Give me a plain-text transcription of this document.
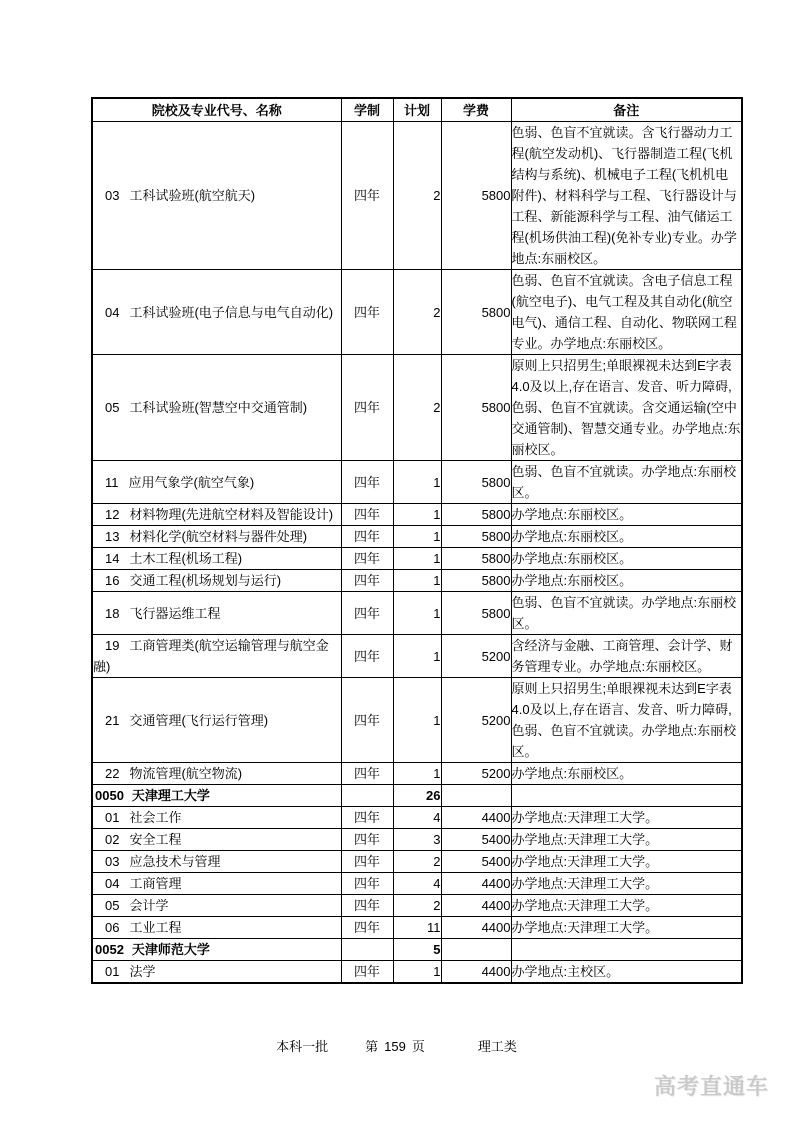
院校及专业代号、名称	学制	计划	学费	备注
03 工科试验班(航空航天)	四年	2	5800	色弱、色盲不宜就读。含飞行器动力工程(航空发动机)、飞行器制造工程(飞机结构与系统)、机械电子工程(飞机机电附件)、材料科学与工程、飞行器设计与工程、新能源科学与工程、油气储运工程(机场供油工程)(免补专业)专业。办学地点:东丽校区。
04 工科试验班(电子信息与电气自动化)	四年	2	5800	色弱、色盲不宜就读。含电子信息工程(航空电子)、电气工程及其自动化(航空电气)、通信工程、自动化、物联网工程专业。办学地点:东丽校区。
05 工科试验班(智慧空中交通管制)	四年	2	5800	原则上只招男生;单眼裸视未达到E字表4.0及以上,存在语言、发音、听力障碍,色弱、色盲不宜就读。含交通运输(空中交通管制)、智慧交通专业。办学地点:东丽校区。
11 应用气象学(航空气象)	四年	1	5800	色弱、色盲不宜就读。办学地点:东丽校区。
12 材料物理(先进航空材料及智能设计)	四年	1	5800	办学地点:东丽校区。
13 材料化学(航空材料与器件处理)	四年	1	5800	办学地点:东丽校区。
14 土木工程(机场工程)	四年	1	5800	办学地点:东丽校区。
16 交通工程(机场规划与运行)	四年	1	5800	办学地点:东丽校区。
18 飞行器运维工程	四年	1	5800	色弱、色盲不宜就读。办学地点:东丽校区。
19 工商管理类(航空运输管理与航空金融)	四年	1	5200	含经济与金融、工商管理、会计学、财务管理专业。办学地点:东丽校区。
21 交通管理(飞行运行管理)	四年	1	5200	原则上只招男生;单眼裸视未达到E字表4.0及以上,存在语言、发音、听力障碍,色弱、色盲不宜就读。办学地点:东丽校区。
22 物流管理(航空物流)	四年	1	5200	办学地点:东丽校区。
0050 天津理工大学		26		
01 社会工作	四年	4	4400	办学地点:天津理工大学。
02 安全工程	四年	3	5400	办学地点:天津理工大学。
03 应急技术与管理	四年	2	5400	办学地点:天津理工大学。
04 工商管理	四年	4	4400	办学地点:天津理工大学。
05 会计学	四年	2	4400	办学地点:天津理工大学。
06 工业工程	四年	11	4400	办学地点:天津理工大学。
0052 天津师范大学		5		
01 法学	四年	1	4400	办学地点:主校区。
本科一批	第 159 页	理工类
高考直通车
